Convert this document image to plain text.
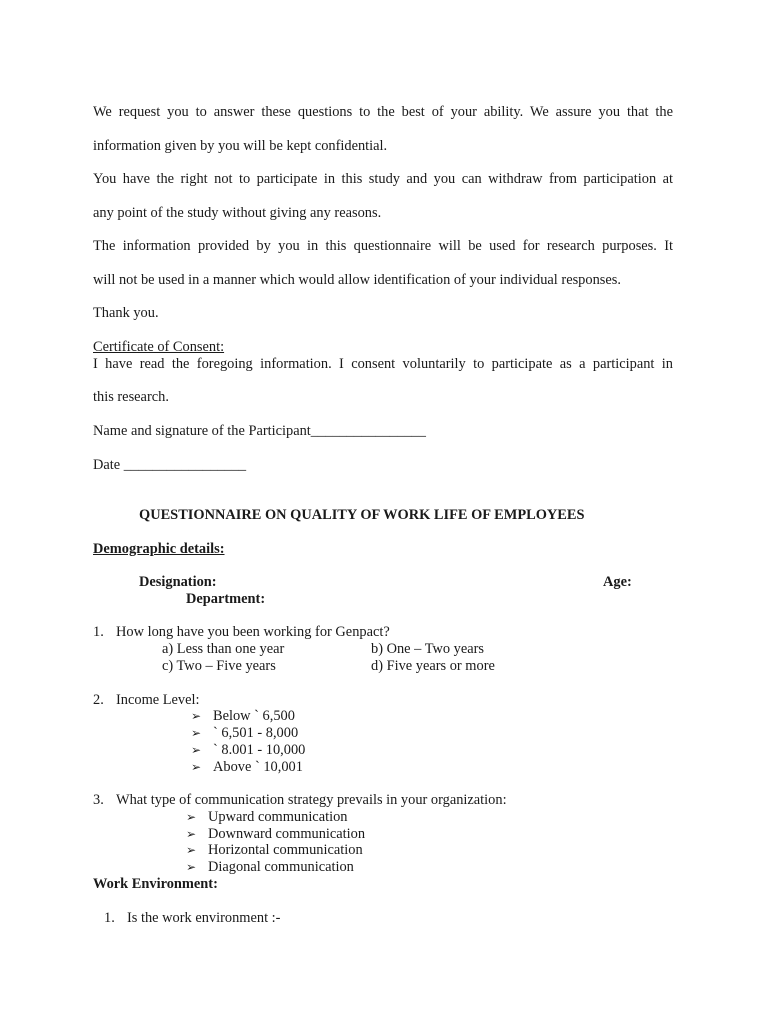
We request you to answer these questions to the best of your ability. We assure you that the
information given by you will be kept confidential.
You have the right not to participate in this study and you can withdraw from participation at
any point of the study without giving any reasons.
The information provided by you in this questionnaire will be used for research purposes. It
will not be used in a manner which would allow identification of your individual responses.
Thank you.
Certificate of Consent:
I have read the foregoing information. I consent voluntarily to participate as a participant in
this research.
Name and signature of the Participant________________
Date _________________
QUESTIONNAIRE ON QUALITY OF WORK LIFE OF EMPLOYEES
Demographic details:
Designation:	Age:
Department:
1. How long have you been working for Genpact?
a) Less than one year	b) One – Two years
c) Two – Five years	d) Five years or more
2. Income Level:
➢ Below ` 6,500
➢ ` 6,501 - 8,000
➢ ` 8.001 - 10,000
➢ Above ` 10,001
3. What type of communication strategy prevails in your organization:
➢ Upward communication
➢ Downward communication
➢ Horizontal communication
➢ Diagonal communication
Work Environment:
1. Is the work environment :-
